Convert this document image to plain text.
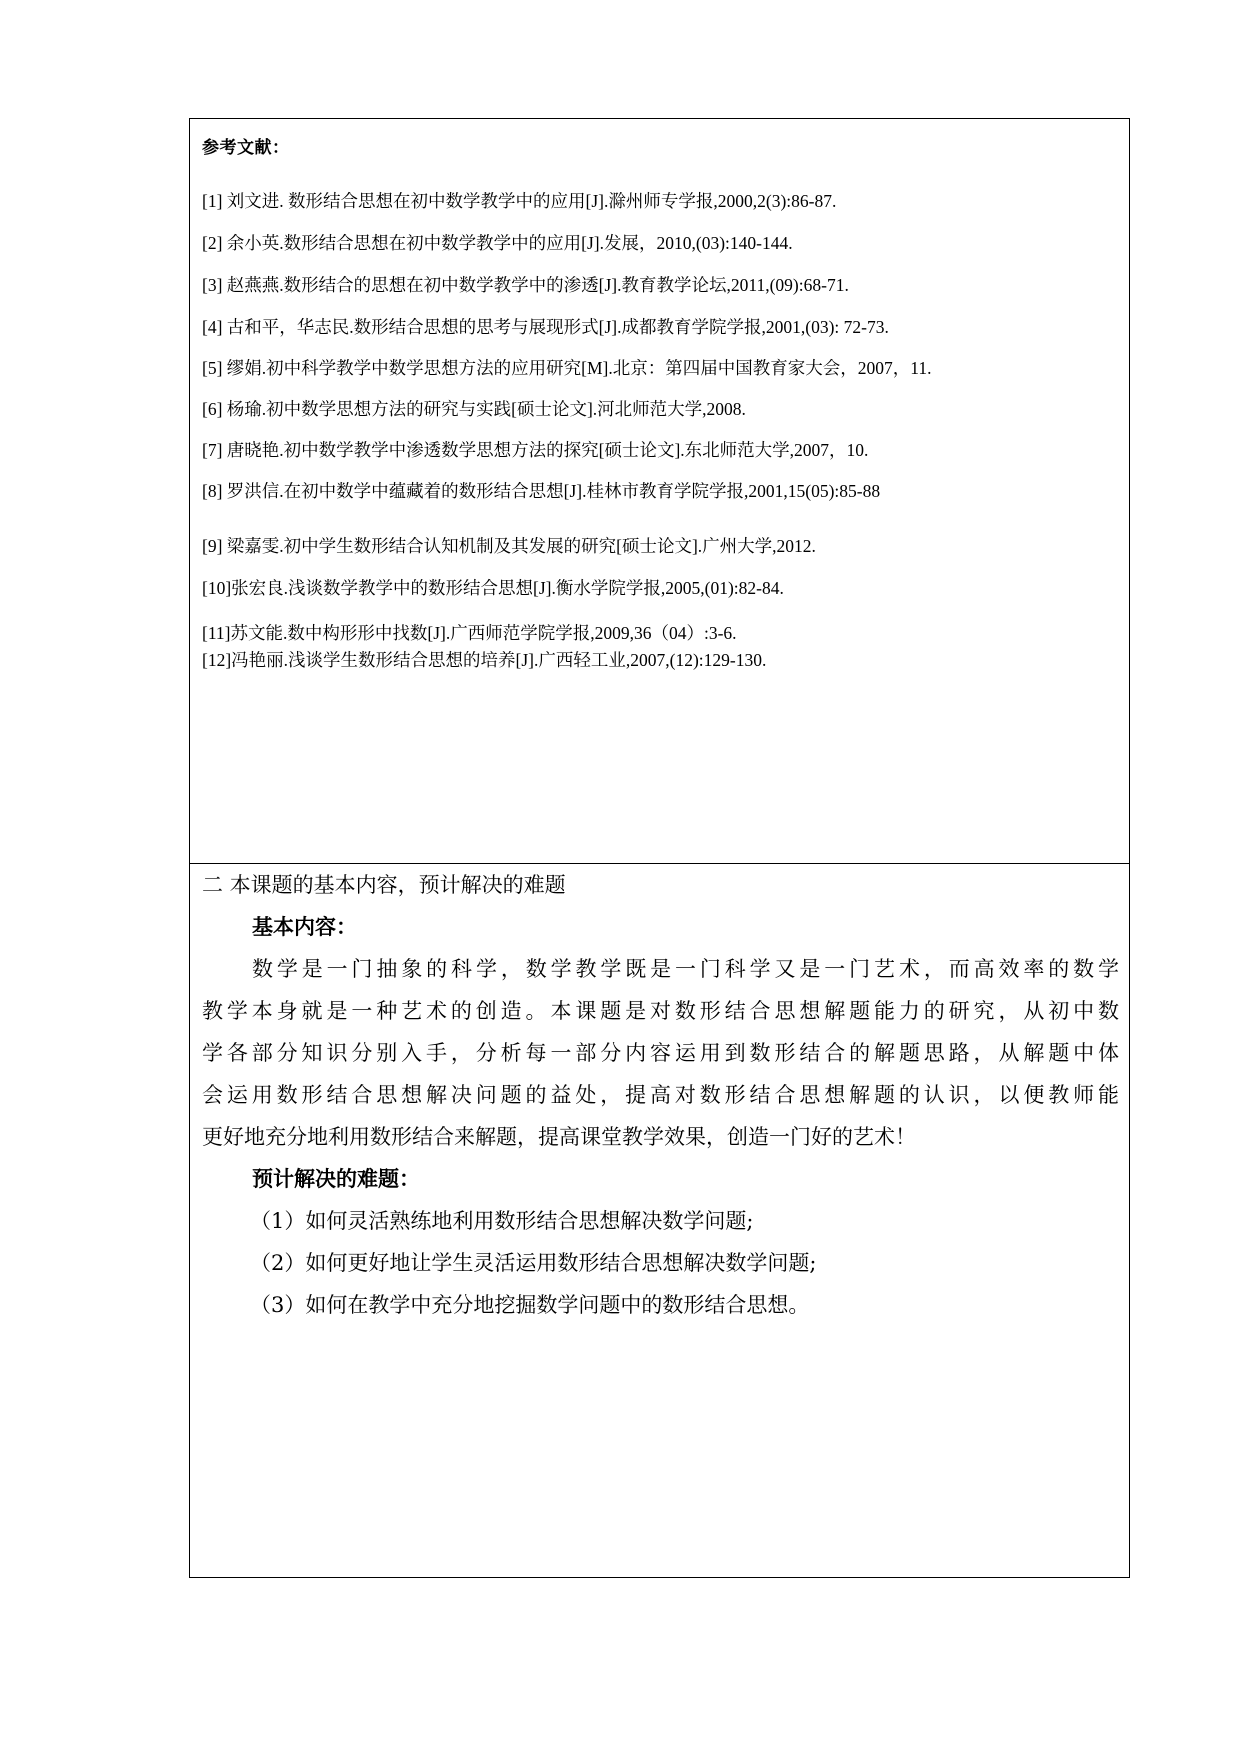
参考文献：
[1] 刘文进. 数形结合思想在初中数学教学中的应用[J].滁州师专学报,2000,2(3):86-87.
[2] 余小英.数形结合思想在初中数学教学中的应用[J].发展，2010,(03):140-144.
[3] 赵燕燕.数形结合的思想在初中数学教学中的渗透[J].教育教学论坛,2011,(09):68-71.
[4] 古和平，华志民.数形结合思想的思考与展现形式[J].成都教育学院学报,2001,(03): 72-73.
[5] 缪娟.初中科学教学中数学思想方法的应用研究[M].北京：第四届中国教育家大会，2007，11.
[6] 杨瑜.初中数学思想方法的研究与实践[硕士论文].河北师范大学,2008.
[7] 唐晓艳.初中数学教学中渗透数学思想方法的探究[硕士论文].东北师范大学,2007，10.
[8] 罗洪信.在初中数学中蕴藏着的数形结合思想[J].桂林市教育学院学报,2001,15(05):85-88
[9] 梁嘉雯.初中学生数形结合认知机制及其发展的研究[硕士论文].广州大学,2012.
[10]张宏良.浅谈数学教学中的数形结合思想[J].衡水学院学报,2005,(01):82-84.
[11]苏文能.数中构形形中找数[J].广西师范学院学报,2009,36（04）:3-6.
[12]冯艳丽.浅谈学生数形结合思想的培养[J].广西轻工业,2007,(12):129-130.
二 本课题的基本内容，预计解决的难题
基本内容：
数学是一门抽象的科学，数学教学既是一门科学又是一门艺术，而高效率的数学
教学本身就是一种艺术的创造。本课题是对数形结合思想解题能力的研究，从初中数
学各部分知识分别入手，分析每一部分内容运用到数形结合的解题思路，从解题中体
会运用数形结合思想解决问题的益处，提高对数形结合思想解题的认识，以便教师能
更好地充分地利用数形结合来解题，提高课堂教学效果，创造一门好的艺术！
预计解决的难题：
（1）如何灵活熟练地利用数形结合思想解决数学问题;
（2）如何更好地让学生灵活运用数形结合思想解决数学问题;
（3）如何在教学中充分地挖掘数学问题中的数形结合思想。
